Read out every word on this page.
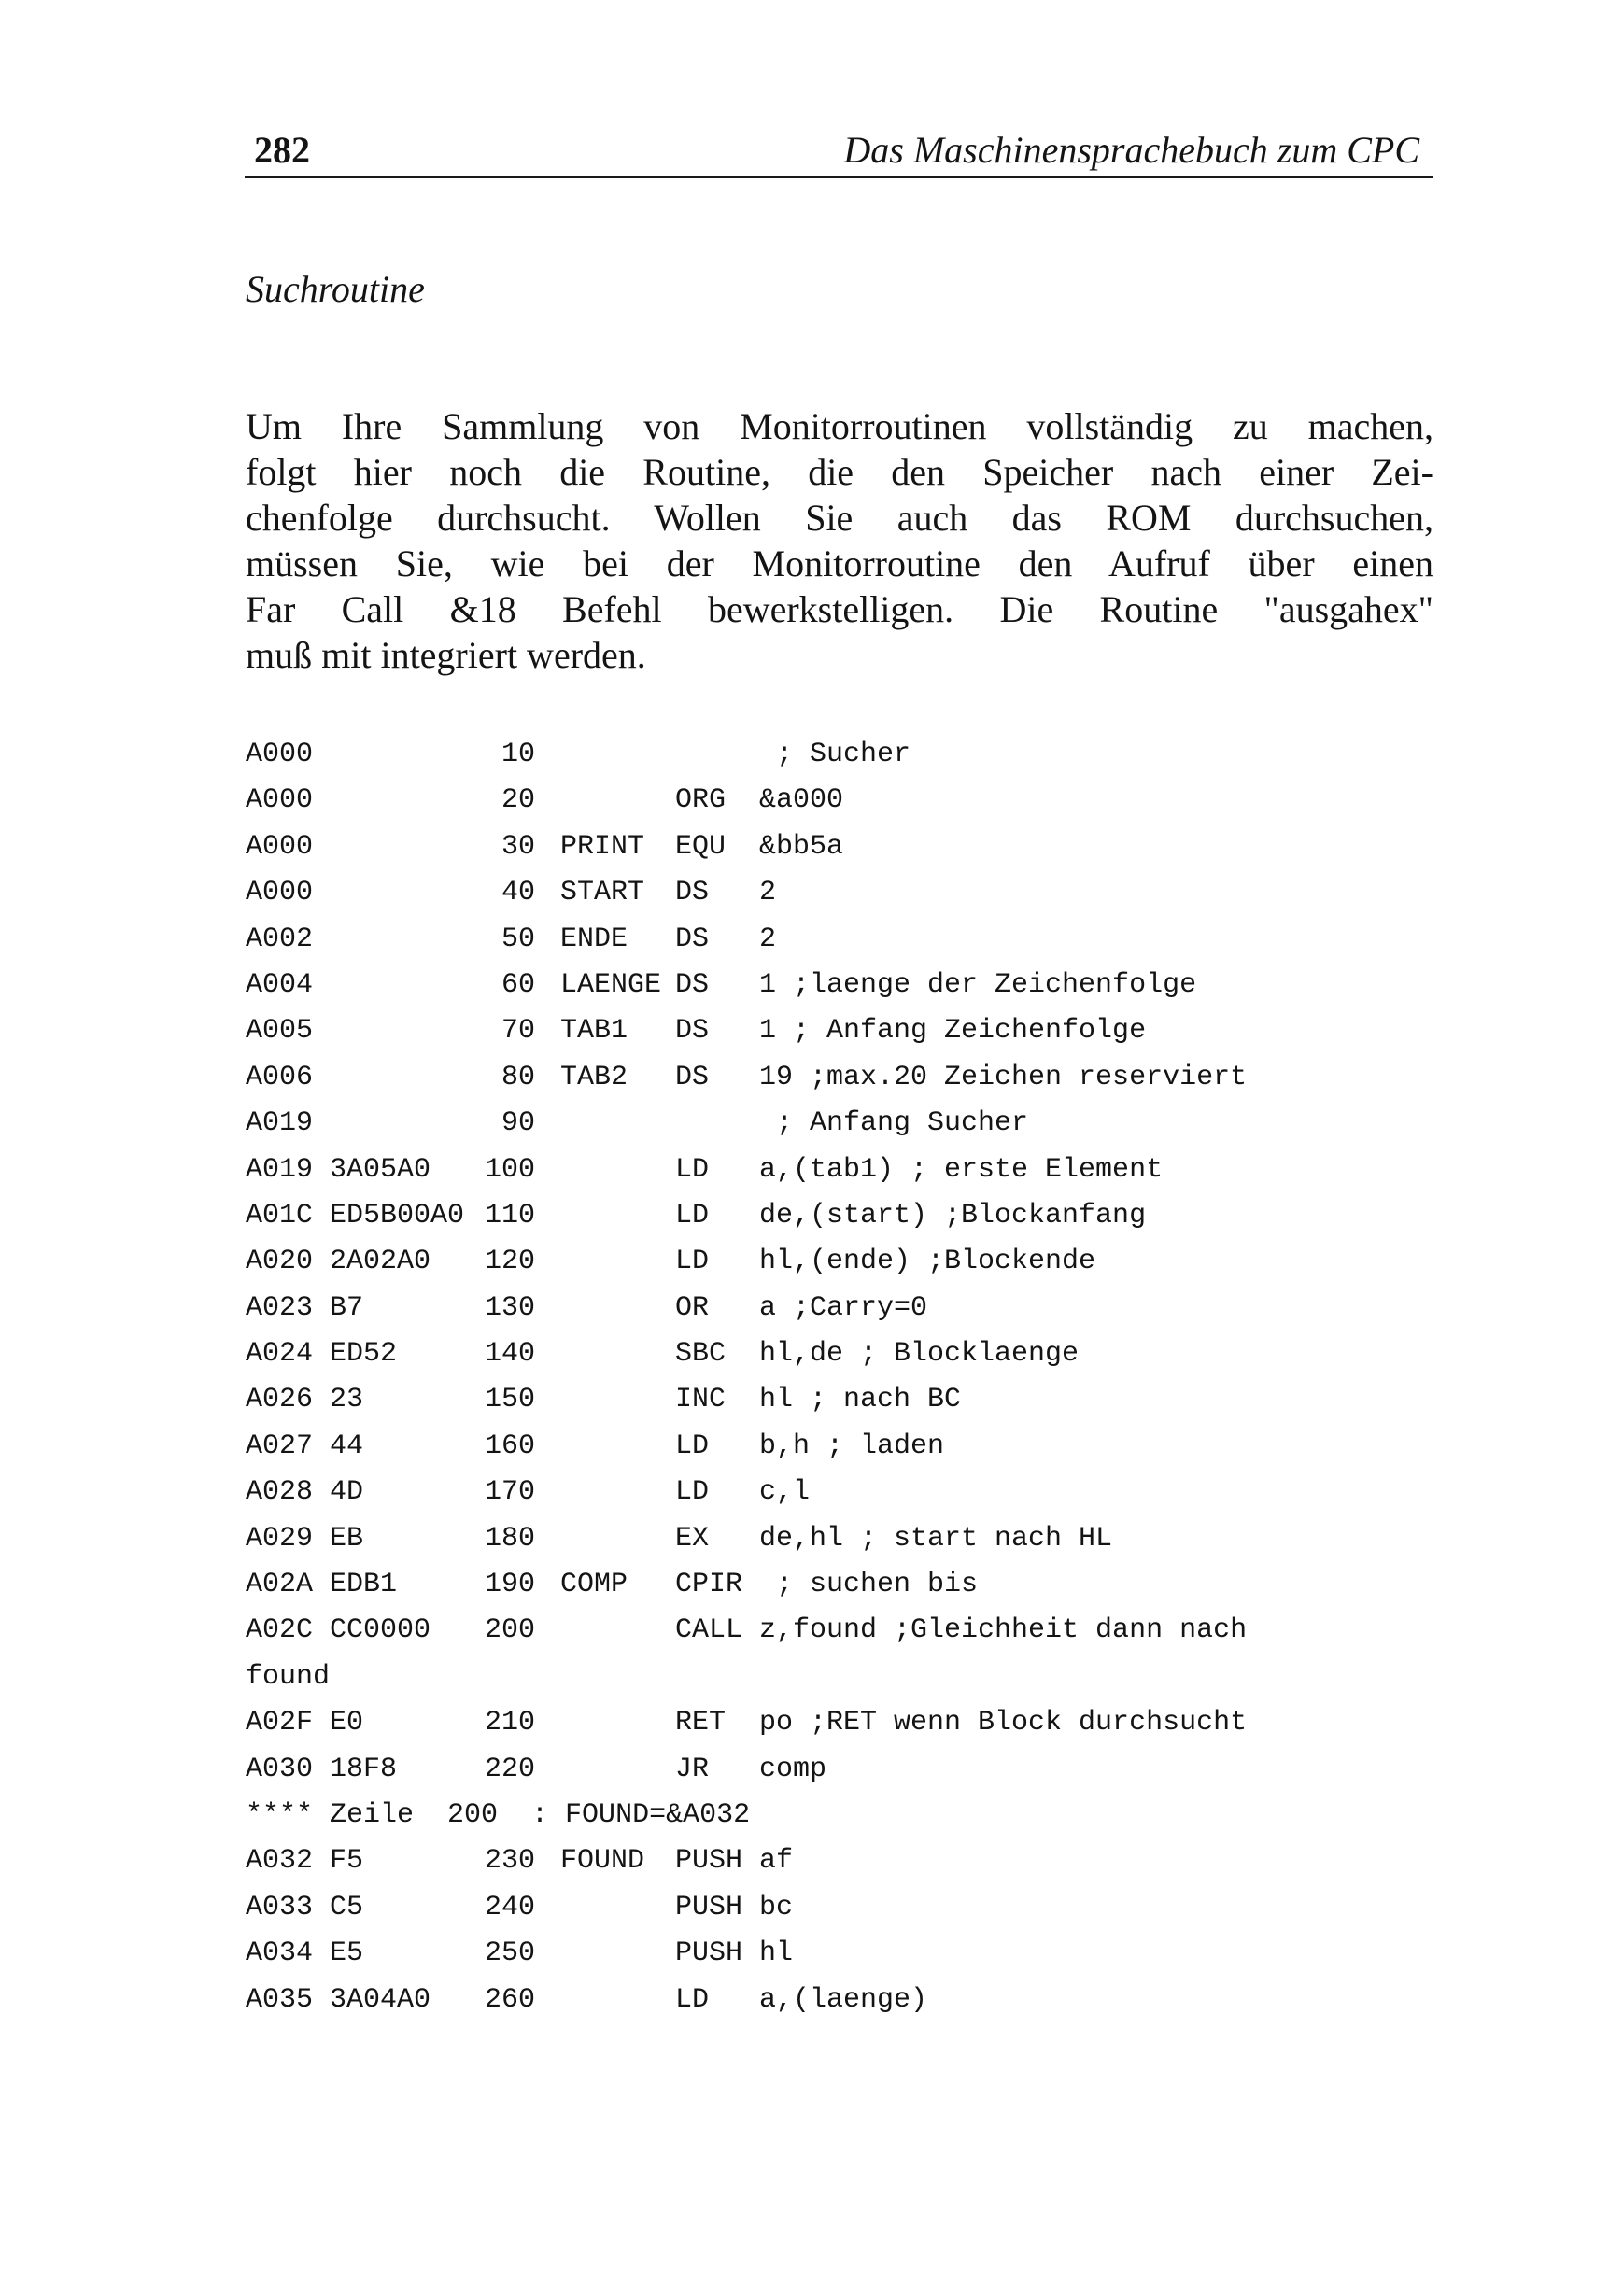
282	Das Maschinensprachebuch zum CPC
Suchroutine
Um Ihre Sammlung von Monitorroutinen vollständig zu machen,
folgt hier noch die Routine, die den Speicher nach einer Zei-
chenfolge durchsucht. Wollen Sie auch das ROM durchsuchen,
müssen Sie, wie bei der Monitorroutine den Aufruf über einen
Far Call &18 Befehl bewerkstelligen. Die Routine "ausgahex"
muß mit integriert werden.
A000	10	; Sucher
A000	20	ORG &a000
A000	30 PRINT EQU &bb5a
A000	40 START DS 2
A002	50 ENDE DS 2
A004	60 LAENGE DS 1 ;laenge der Zeichenfolge
A005	70 TAB1 DS 1 ; Anfang Zeichenfolge
A006	80 TAB2 DS 19 ;max.20 Zeichen reserviert
A019	90	; Anfang Sucher
A019 3A05A0 100	LD a,(tab1) ; erste Element
A01C ED5B00A0 110	LD de,(start) ;Blockanfang
A020 2A02A0 120	LD hl,(ende) ;Blockende
A023 B7	130	OR a ;Carry=0
A024 ED52	140	SBC hl,de ; Blocklaenge
A026 23	150	INC hl ; nach BC
A027 44	160	LD b,h ; laden
A028 4D	170	LD c,l
A029 EB	180	EX de,hl ; start nach HL
A02A EDB1	190 COMP CPIR ; suchen bis
A02C CC0000 200	CALL z,found ;Gleichheit dann nach
found
A02F E0	210	RET po ;RET wenn Block durchsucht
A030 18F8	220	JR comp
**** Zeile  200  : FOUND=&A032
A032 F5	230 FOUND PUSH af
A033 C5	240	PUSH bc
A034 E5	250	PUSH hl
A035 3A04A0 260	LD a,(laenge)
